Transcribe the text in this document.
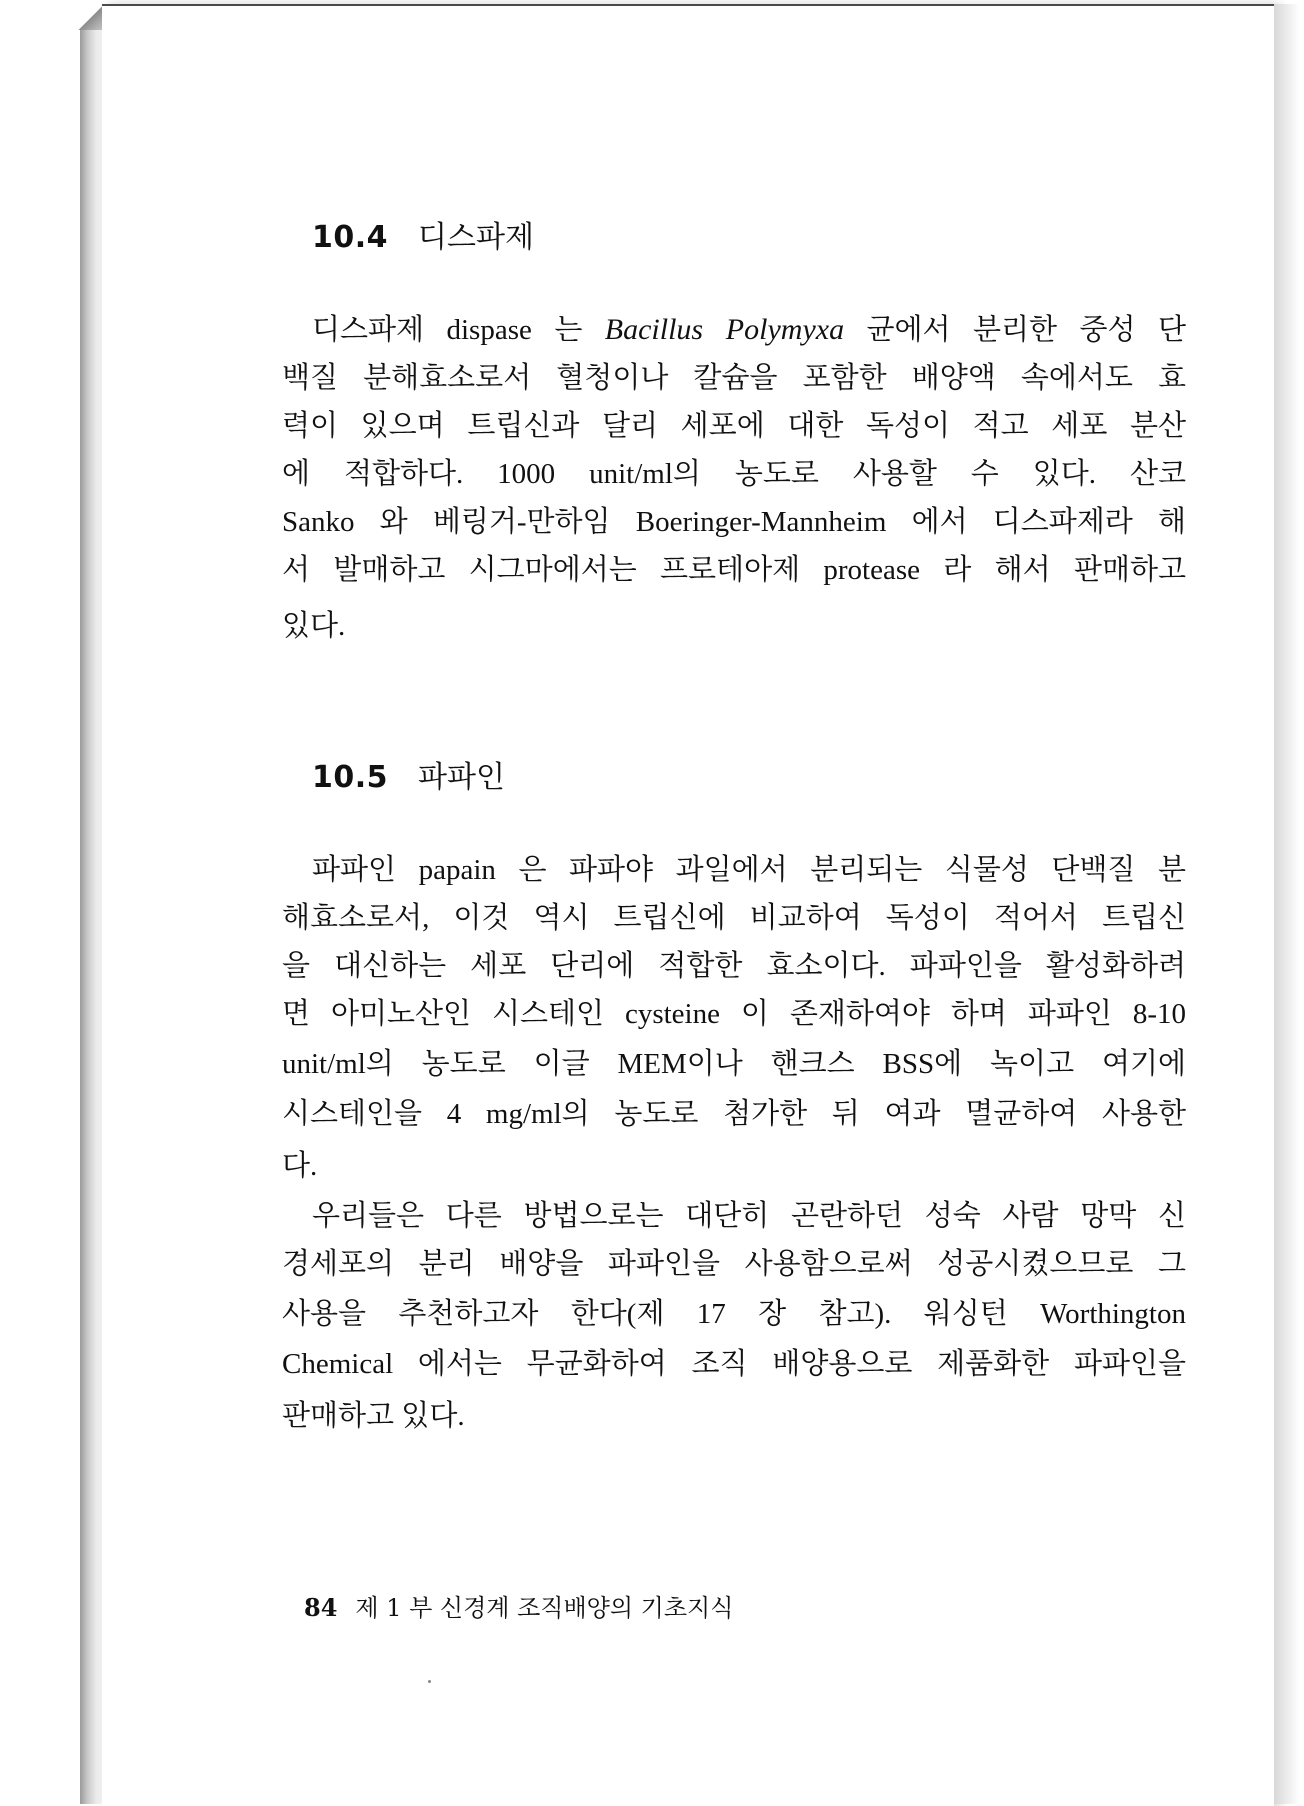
10.4 디스파제
디스파제 dispase 는 Bacillus Polymyxa 균에서 분리한 중성 단
백질 분해효소로서 혈청이나 칼슘을 포함한 배양액 속에서도 효
력이 있으며 트립신과 달리 세포에 대한 독성이 적고 세포 분산
에 적합하다. 1000 unit/ml의 농도로 사용할 수 있다. 산코
Sanko 와 베링거-만하임 Boeringer-Mannheim 에서 디스파제라 해
서 발매하고 시그마에서는 프로테아제 protease 라 해서 판매하고
있다.
10.5 파파인
파파인 papain 은 파파야 과일에서 분리되는 식물성 단백질 분
해효소로서, 이것 역시 트립신에 비교하여 독성이 적어서 트립신
을 대신하는 세포 단리에 적합한 효소이다. 파파인을 활성화하려
면 아미노산인 시스테인 cysteine 이 존재하여야 하며 파파인 8-10
unit/ml의 농도로 이글 MEM이나 핸크스 BSS에 녹이고 여기에
시스테인을 4 mg/ml의 농도로 첨가한 뒤 여과 멸균하여 사용한
다.
우리들은 다른 방법으로는 대단히 곤란하던 성숙 사람 망막 신
경세포의 분리 배양을 파파인을 사용함으로써 성공시켰으므로 그
사용을 추천하고자 한다(제 17 장 참고). 워싱턴 Worthington
Chemical 에서는 무균화하여 조직 배양용으로 제품화한 파파인을
판매하고 있다.
84 제 1 부 신경계 조직배양의 기초지식
